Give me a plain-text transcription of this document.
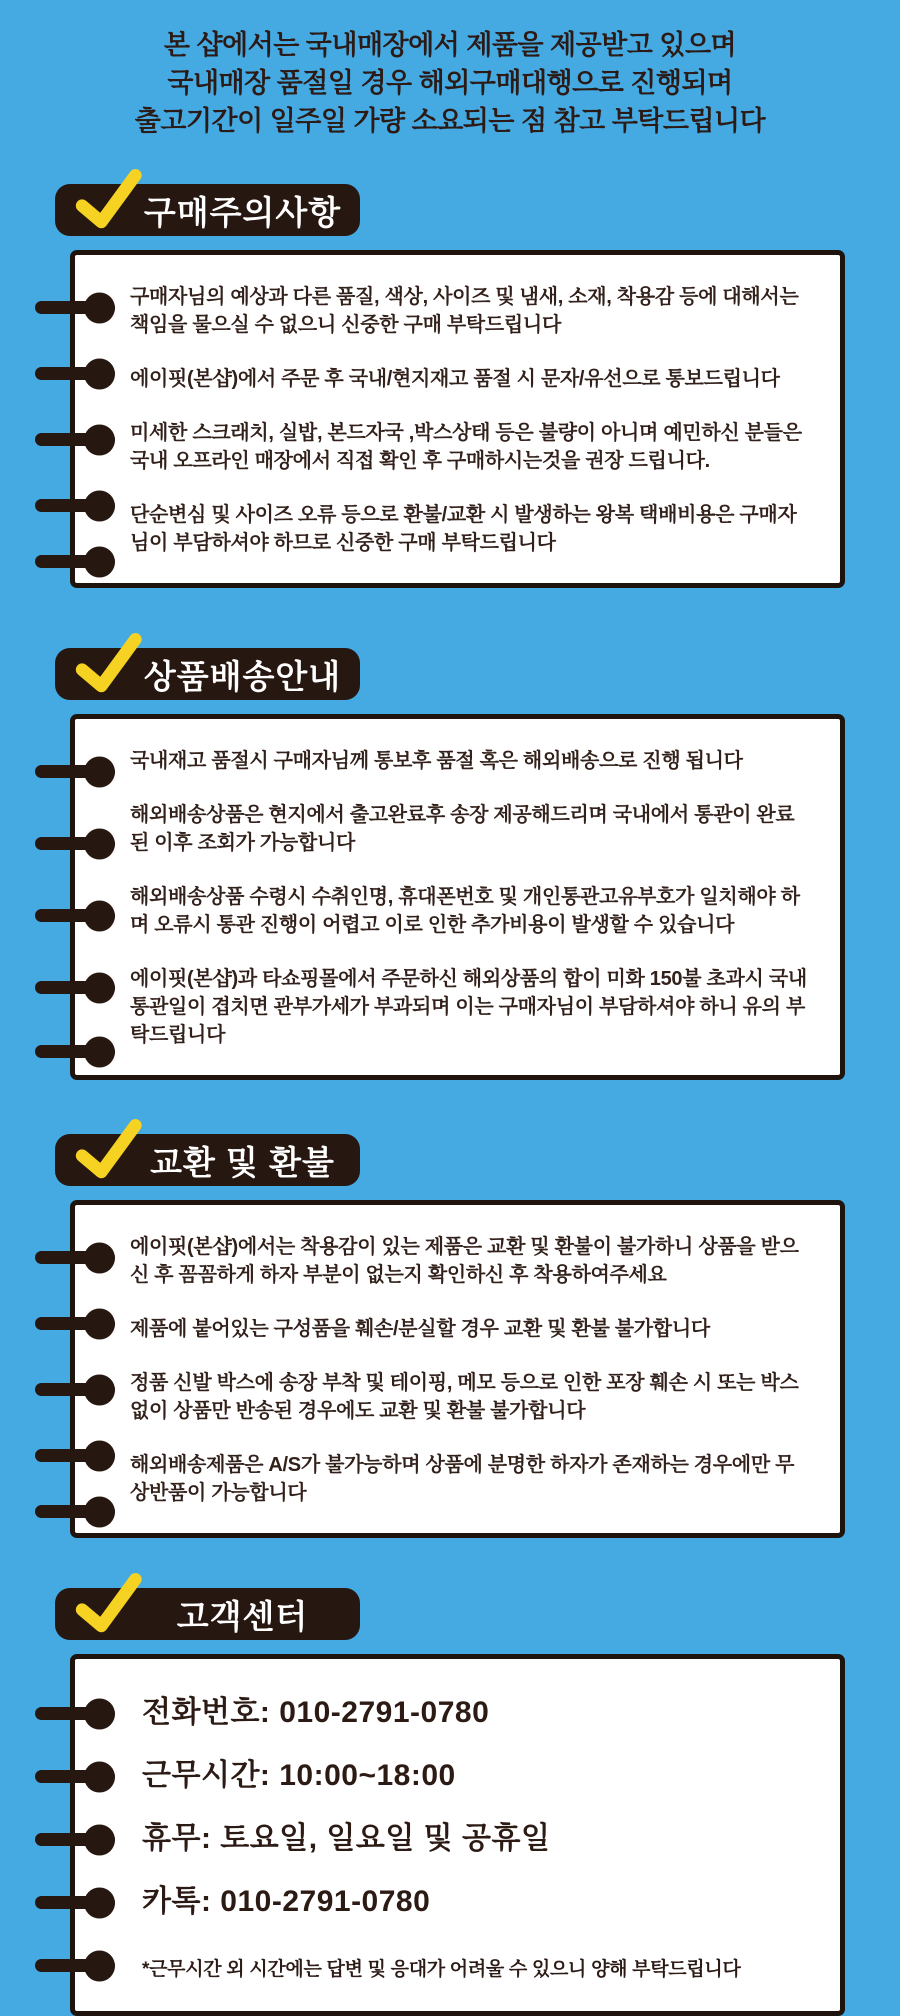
본 샵에서는 국내매장에서 제품을 제공받고 있으며
국내매장 품절일 경우 해외구매대행으로 진행되며
출고기간이 일주일 가량 소요되는 점 참고 부탁드립니다
구매주의사항

구매자님의 예상과 다른 품질, 색상, 사이즈 및 냄새, 소재, 착용감 등에 대해서는 책임을 물으실 수 없으니 신중한 구매 부탁드립니다

에이핏(본샵)에서 주문 후 국내/현지재고 품절 시 문자/유선으로 통보드립니다

미세한 스크래치, 실밥, 본드자국 ,박스상태 등은 불량이 아니며 예민하신 분들은 국내 오프라인 매장에서 직접 확인 후 구매하시는것을 권장 드립니다.

단순변심 및 사이즈 오류 등으로 환불/교환 시 발생하는 왕복 택배비용은 구매자님이 부담하셔야 하므로 신중한 구매 부탁드립니다

상품배송안내

국내재고 품절시 구매자님께 통보후 품절 혹은 해외배송으로 진행 됩니다

해외배송상품은 현지에서 출고완료후 송장 제공해드리며 국내에서 통관이 완료된 이후 조회가 가능합니다

해외배송상품 수령시 수취인명, 휴대폰번호 및 개인통관고유부호가 일치해야 하며 오류시 통관 진행이 어렵고 이로 인한 추가비용이 발생할 수 있습니다

에이핏(본샵)과 타쇼핑몰에서 주문하신 해외상품의 합이 미화 150불 초과시 국내 통관일이 겹치면 관부가세가 부과되며 이는 구매자님이 부담하셔야 하니 유의 부탁드립니다

교환 및 환불

에이핏(본샵)에서는 착용감이 있는 제품은 교환 및 환불이 불가하니 상품을 받으신 후 꼼꼼하게 하자 부분이 없는지 확인하신 후 착용하여주세요

제품에 붙어있는 구성품을 훼손/분실할 경우 교환 및 환불 불가합니다

정품 신발 박스에 송장 부착 및 테이핑, 메모 등으로 인한 포장 훼손 시 또는 박스 없이 상품만 반송된 경우에도 교환 및 환불 불가합니다

해외배송제품은 A/S가 불가능하며 상품에 분명한 하자가 존재하는 경우에만 무상반품이 가능합니다

고객센터
전화번호: 010-2791-0780
근무시간: 10:00~18:00
휴무: 토요일, 일요일 및 공휴일
카톡: 010-2791-0780
*근무시간 외 시간에는 답변 및 응대가 어려울 수 있으니 양해 부탁드립니다
